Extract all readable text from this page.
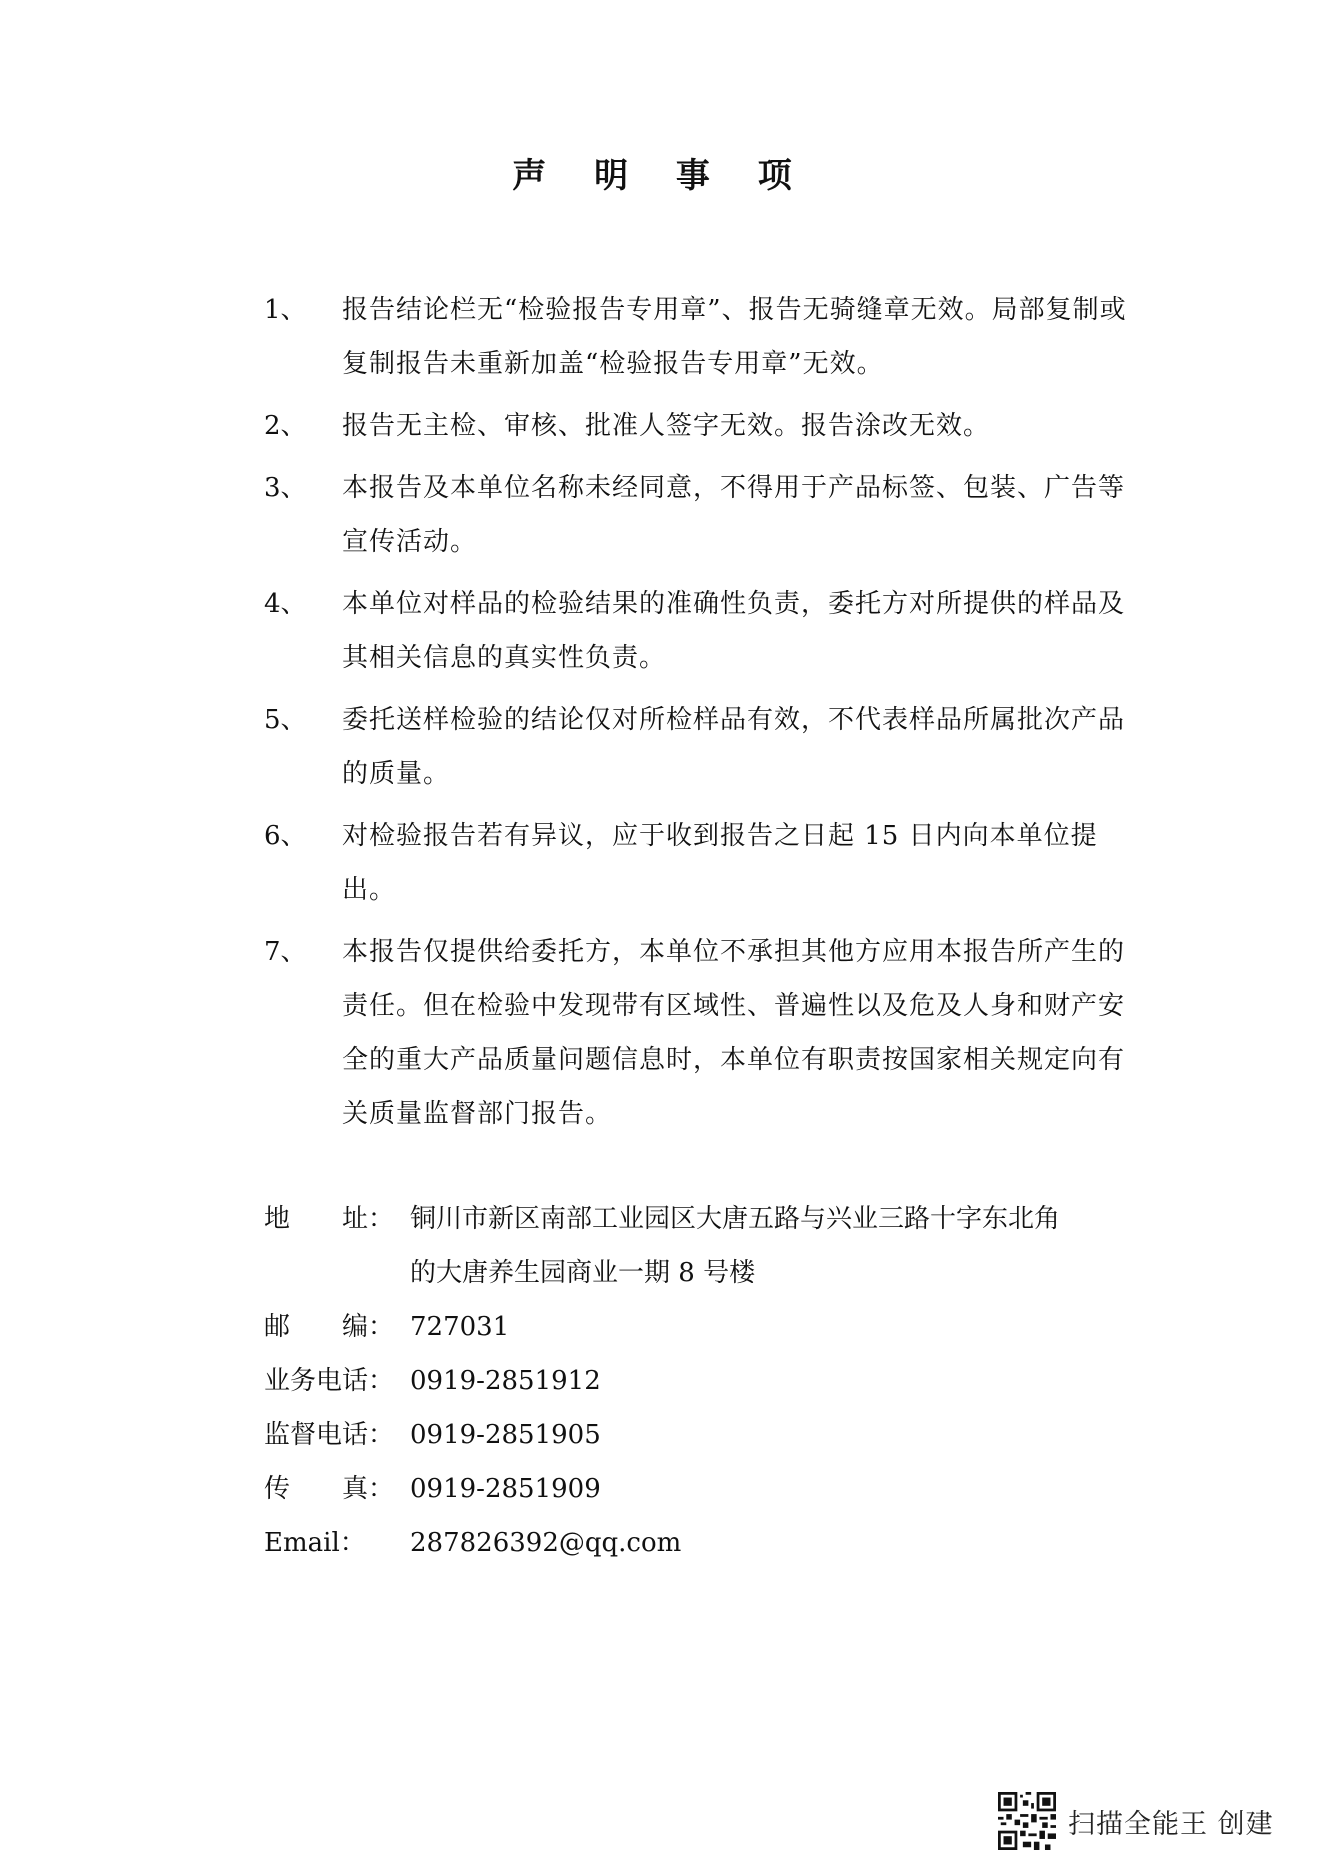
声 明 事 项
1、 报告结论栏无“检验报告专用章”、报告无骑缝章无效。局部复制或复制报告未重新加盖“检验报告专用章”无效。
2、 报告无主检、审核、批准人签字无效。报告涂改无效。
3、 本报告及本单位名称未经同意，不得用于产品标签、包装、广告等宣传活动。
4、 本单位对样品的检验结果的准确性负责，委托方对所提供的样品及其相关信息的真实性负责。
5、 委托送样检验的结论仅对所检样品有效，不代表样品所属批次产品的质量。
6、 对检验报告若有异议，应于收到报告之日起 15 日内向本单位提出。
7、 本报告仅提供给委托方，本单位不承担其他方应用本报告所产生的责任。但在检验中发现带有区域性、普遍性以及危及人身和财产安全的重大产品质量问题信息时，本单位有职责按国家相关规定向有关质量监督部门报告。
地 址： 铜川市新区南部工业园区大唐五路与兴业三路十字东北角
的大唐养生园商业一期 8 号楼
邮 编： 727031
业务电话： 0919-2851912
监督电话： 0919-2851905
传 真： 0919-2851909
Email： 287826392@qq.com
扫描全能王 创建
